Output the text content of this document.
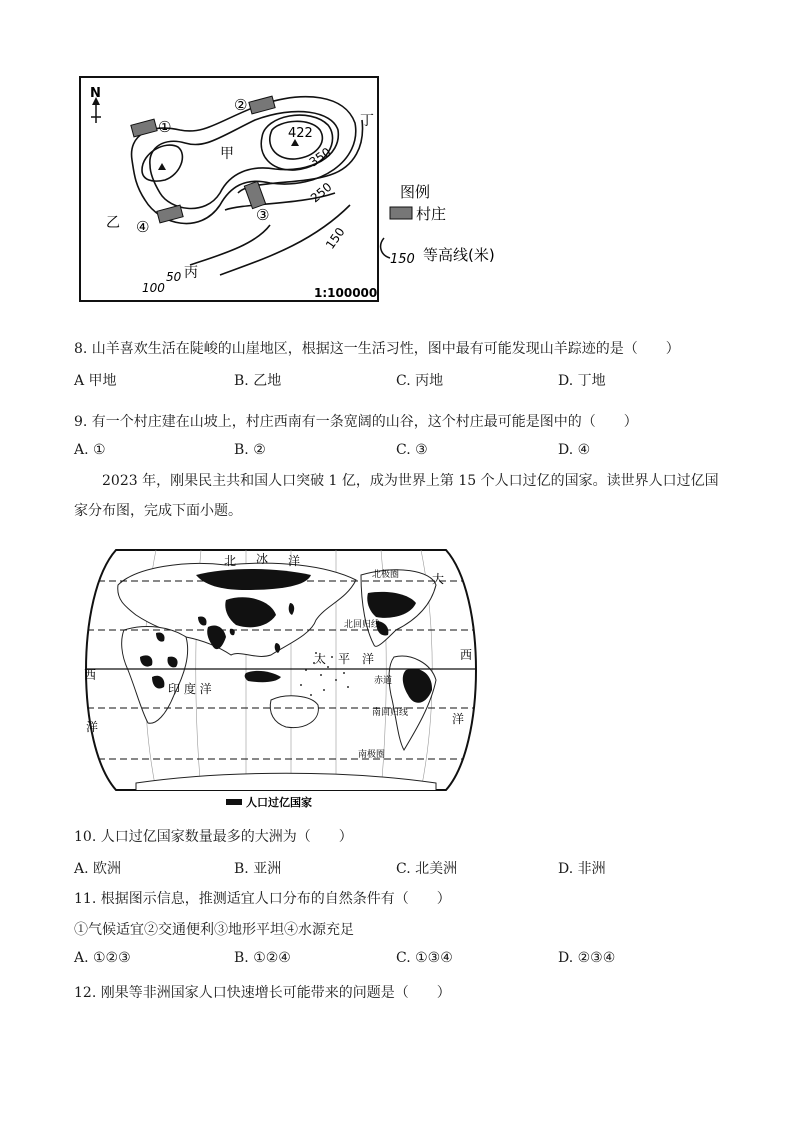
N
422
350
250
150
100
50
①
②
③
④
甲
乙
丙
丁
1:100000
图例
村庄
150 等高线(米)
8. 山羊喜欢生活在陡峻的山崖地区，根据这一生活习性，图中最有可能发现山羊踪迹的是（　　）
A 甲地	B. 乙地	C. 丙地	D. 丁地
9. 有一个村庄建在山坡上，村庄西南有一条宽阔的山谷，这个村庄最可能是图中的（　　）
A. ①	B. ②	C. ③	D. ④
2023 年，刚果民主共和国人口突破 1 亿，成为世界上第 15 个人口过亿的国家。读世界人口过亿国家分布图，完成下面小题。
北 冰 洋
太 平 洋
印 度 洋
西
洋
大
西
洋
北极圈
北回归线
赤道
南回归线
南极圈
人口过亿国家
10. 人口过亿国家数量最多的大洲为（　　）
A. 欧洲	B. 亚洲	C. 北美洲	D. 非洲
11. 根据图示信息，推测适宜人口分布的自然条件有（　　）
①气候适宜②交通便利③地形平坦④水源充足
A. ①②③	B. ①②④	C. ①③④	D. ②③④
12. 刚果等非洲国家人口快速增长可能带来的问题是（　　）
